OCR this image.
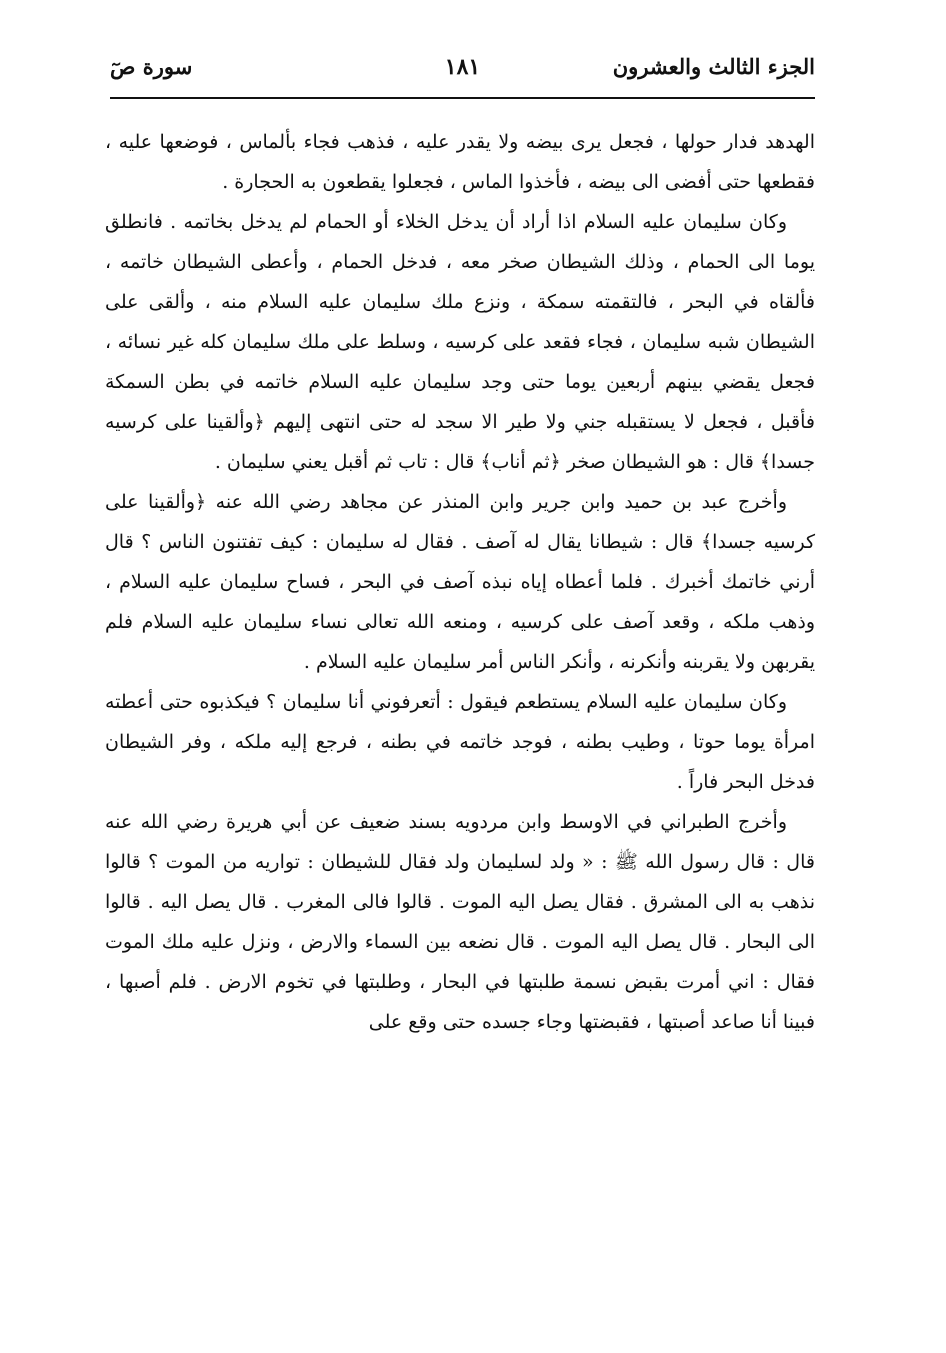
الجزء الثالث والعشرون
١٨١
سورة صٓ

الهدهد فدار حولها ، فجعل يرى بيضه ولا يقدر عليه ، فذهب فجاء بألماس ، فوضعها عليه ، فقطعها حتى أفضى الى بيضه ، فأخذوا الماس ، فجعلوا يقطعون به الحجارة .

وكان سليمان عليه السلام اذا أراد أن يدخل الخلاء أو الحمام لم يدخل بخاتمه . فانطلق يوما الى الحمام ، وذلك الشيطان صخر معه ، فدخل الحمام ، وأعطى الشيطان خاتمه ، فألقاه في البحر ، فالتقمته سمكة ، ونزع ملك سليمان عليه السلام منه ، وألقى على الشيطان شبه سليمان ، فجاء فقعد على كرسيه ، وسلط على ملك سليمان كله غير نسائه ، فجعل يقضي بينهم أربعين يوما حتى وجد سليمان عليه السلام خاتمه في بطن السمكة فأقبل ، فجعل لا يستقبله جني ولا طير الا سجد له حتى انتهى إليهم ﴿وألقينا على كرسيه جسدا﴾ قال : هو الشيطان صخر ﴿ثم أناب﴾ قال : تاب ثم أقبل يعني سليمان .

وأخرج عبد بن حميد وابن جرير وابن المنذر عن مجاهد رضي الله عنه ﴿وألقينا على كرسيه جسدا﴾ قال : شيطانا يقال له آصف . فقال له سليمان : كيف تفتنون الناس ؟ قال أرني خاتمك أخبرك . فلما أعطاه إياه نبذه آصف في البحر ، فساح سليمان عليه السلام ، وذهب ملكه ، وقعد آصف على كرسيه ، ومنعه الله تعالى نساء سليمان عليه السلام فلم يقربهن ولا يقربنه وأنكرنه ، وأنكر الناس أمر سليمان عليه السلام .

وكان سليمان عليه السلام يستطعم فيقول : أتعرفوني أنا سليمان ؟ فيكذبوه حتى أعطته امرأة يوما حوتا ، وطيب بطنه ، فوجد خاتمه في بطنه ، فرجع إليه ملكه ، وفر الشيطان فدخل البحر فاراً .

وأخرج الطبراني في الاوسط وابن مردويه بسند ضعيف عن أبي هريرة رضي الله عنه قال : قال رسول الله ﷺ : « ولد لسليمان ولد فقال للشيطان : تواريه من الموت ؟ قالوا نذهب به الى المشرق . فقال يصل اليه الموت . قالوا فالى المغرب . قال يصل اليه . قالوا الى البحار . قال يصل اليه الموت . قال نضعه بين السماء والارض ، ونزل عليه ملك الموت فقال : اني أمرت بقبض نسمة طلبتها في البحار ، وطلبتها في تخوم الارض . فلم أصبها ، فبينا أنا صاعد أصبتها ، فقبضتها وجاء جسده حتى وقع على
